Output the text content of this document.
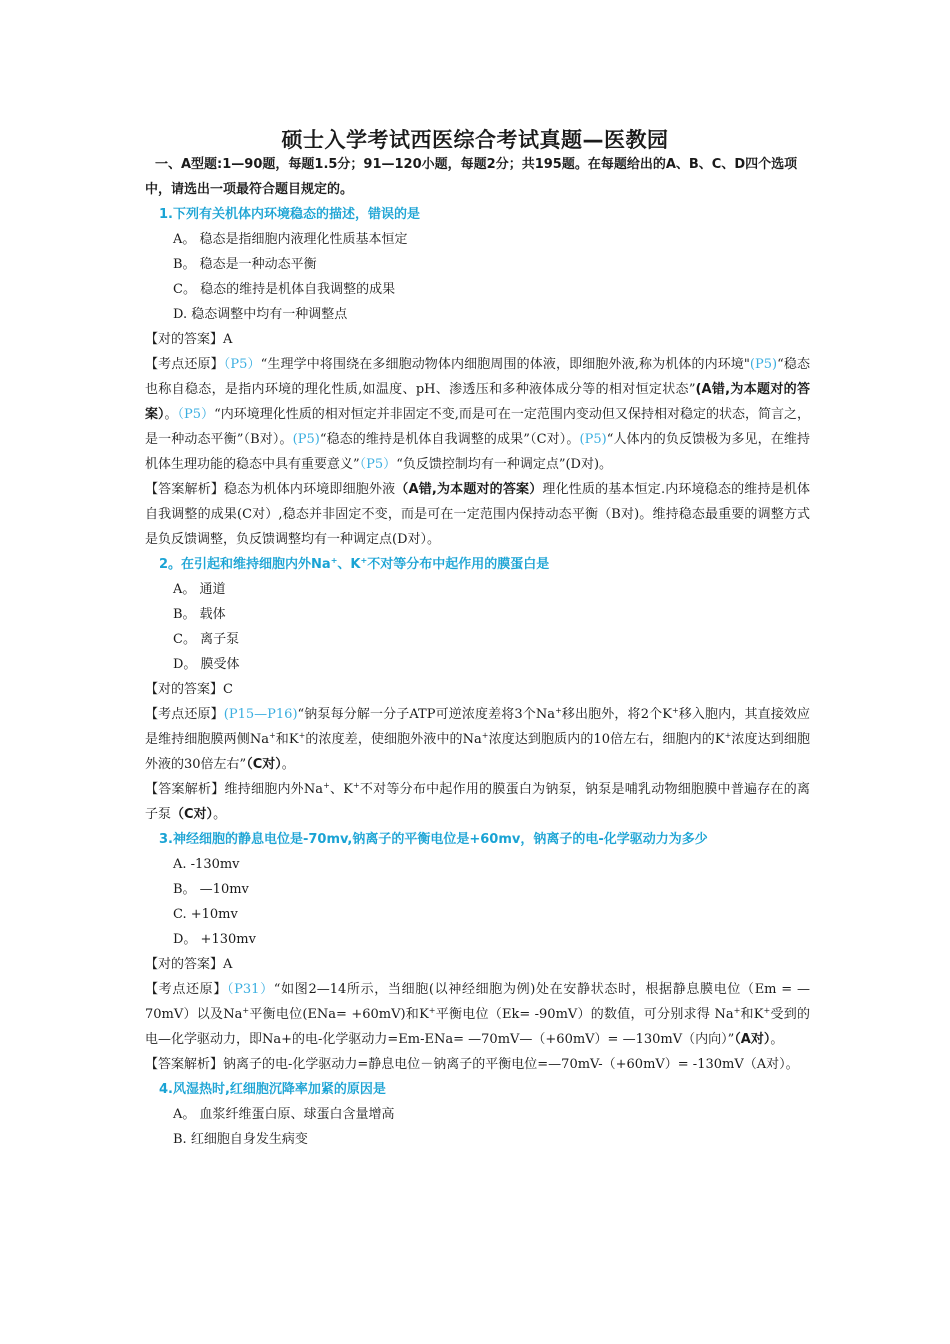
硕士入学考试西医综合考试真题—医教园
一、A型题:1—90题，每题1.5分；91—120小题，每题2分；共195题。在每题给出的A、B、C、D四个选项中，请选出一项最符合题目规定的。
1.下列有关机体内环境稳态的描述，错误的是
A。 稳态是指细胞内液理化性质基本恒定
B。 稳态是一种动态平衡
C。 稳态的维持是机体自我调整的成果
D. 稳态调整中均有一种调整点
【对的答案】A
【考点还原】（P5）“生理学中将围绕在多细胞动物体内细胞周围的体液，即细胞外液,称为机体的内环境"(P5)“稳态也称自稳态，是指内环境的理化性质,如温度、pH、渗透压和多种液体成分等的相对恒定状态”(A错,为本题对的答案）。（P5）“内环境理化性质的相对恒定并非固定不变,而是可在一定范围内变动但又保持相对稳定的状态，简言之，是一种动态平衡”（B对）。(P5)“稳态的维持是机体自我调整的成果”（C对）。(P5)“人体内的负反馈极为多见，在维持机体生理功能的稳态中具有重要意义”（P5）“负反馈控制均有一种调定点”(D对)。
【答案解析】稳态为机体内环境即细胞外液（A错,为本题对的答案）理化性质的基本恒定.内环境稳态的维持是机体自我调整的成果(C对）,稳态并非固定不变，而是可在一定范围内保持动态平衡（B对)。维持稳态最重要的调整方式是负反馈调整，负反馈调整均有一种调定点(D对）。
2。在引起和维持细胞内外Na+、K+不对等分布中起作用的膜蛋白是
A。 通道
B。 载体
C。 离子泵
D。 膜受体
【对的答案】C
【考点还原】(P15—P16)“钠泵每分解一分子ATP可逆浓度差将3个Na+移出胞外，将2个K+移入胞内，其直接效应是维持细胞膜两侧Na+和K+的浓度差，使细胞外液中的Na+浓度达到胞质内的10倍左右，细胞内的K+浓度达到细胞外液的30倍左右”（C对）。
【答案解析】维持细胞内外Na+、K+不对等分布中起作用的膜蛋白为钠泵，钠泵是哺乳动物细胞膜中普遍存在的离子泵（C对）。
3.神经细胞的静息电位是-70mv,钠离子的平衡电位是+60mv，钠离子的电-化学驱动力为多少
A. -130mv
B。 —10mv
C. +10mv
D。 +130mv
【对的答案】A
【考点还原】（P31）“如图2—14所示，当细胞(以神经细胞为例)处在安静状态时，根据静息膜电位（Em = —70mV）以及Na+平衡电位(ENa= +60mV)和K+平衡电位（Ek= -90mV）的数值，可分别求得 Na+和K+受到的电—化学驱动力，即Na+的电-化学驱动力=Em-ENa= —70mV—（+60mV）= —130mV（内向）”（A对）。
【答案解析】钠离子的电-化学驱动力=静息电位－钠离子的平衡电位=—70mV-（+60mV）= -130mV（A对）。
4.风湿热时,红细胞沉降率加紧的原因是
A。 血浆纤维蛋白原、球蛋白含量增高
B. 红细胞自身发生病变
